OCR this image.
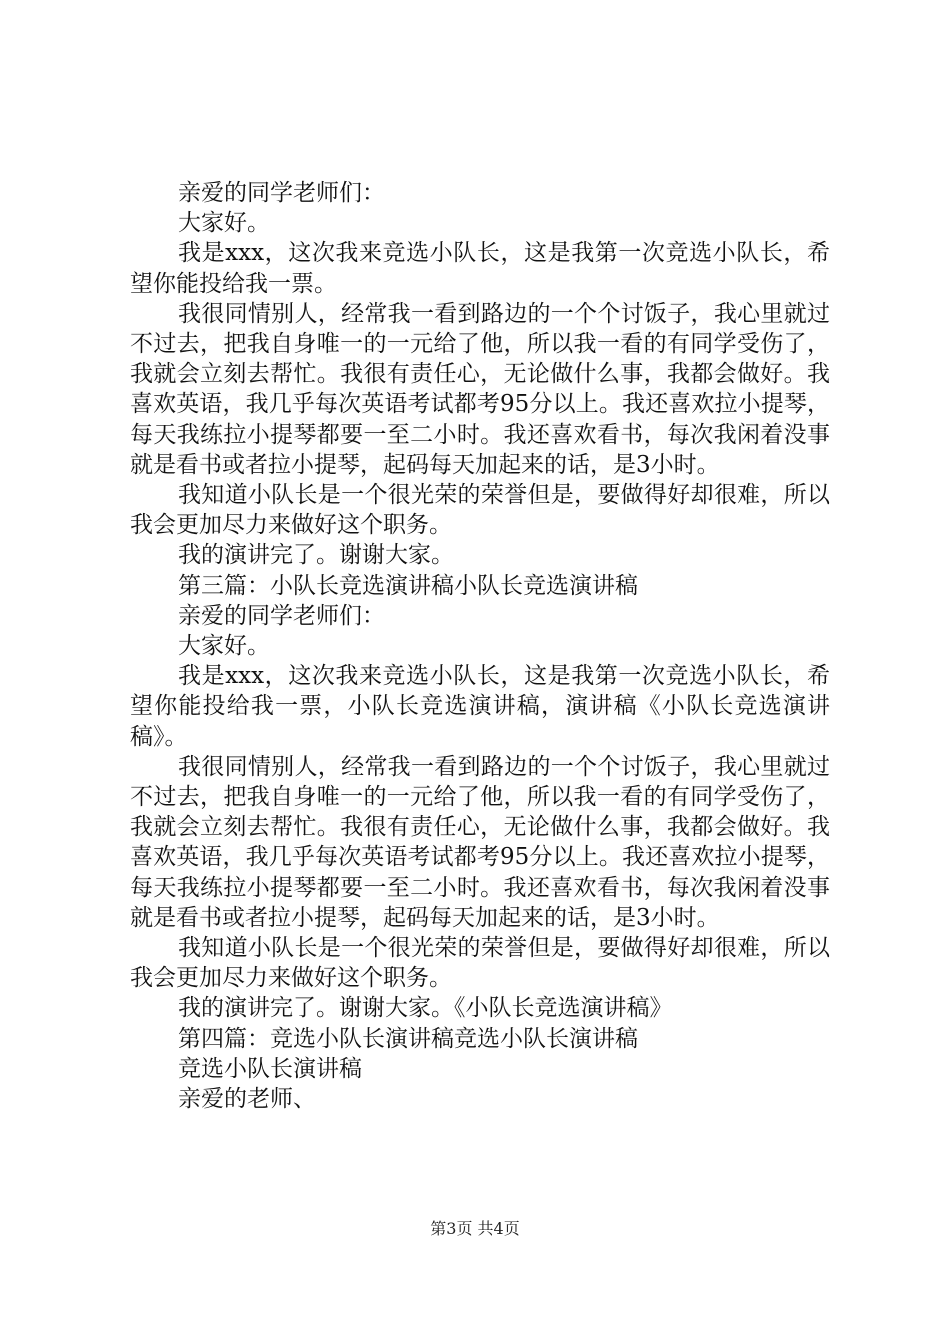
亲爱的同学老师们：

大家好。

我是xxx，这次我来竞选小队长，这是我第一次竞选小队长，希望你能投给我一票。

我很同情别人，经常我一看到路边的一个个讨饭子，我心里就过不过去，把我自身唯一的一元给了他，所以我一看的有同学受伤了，我就会立刻去帮忙。我很有责任心，无论做什么事，我都会做好。我喜欢英语，我几乎每次英语考试都考95分以上。我还喜欢拉小提琴，每天我练拉小提琴都要一至二小时。我还喜欢看书，每次我闲着没事就是看书或者拉小提琴，起码每天加起来的话，是3小时。

我知道小队长是一个很光荣的荣誉但是，要做得好却很难，所以我会更加尽力来做好这个职务。

我的演讲完了。谢谢大家。

第三篇：小队长竞选演讲稿小队长竞选演讲稿

亲爱的同学老师们：

大家好。

我是xxx，这次我来竞选小队长，这是我第一次竞选小队长，希望你能投给我一票，小队长竞选演讲稿，演讲稿《小队长竞选演讲稿》。

我很同情别人，经常我一看到路边的一个个讨饭子，我心里就过不过去，把我自身唯一的一元给了他，所以我一看的有同学受伤了，我就会立刻去帮忙。我很有责任心，无论做什么事，我都会做好。我喜欢英语，我几乎每次英语考试都考95分以上。我还喜欢拉小提琴，每天我练拉小提琴都要一至二小时。我还喜欢看书，每次我闲着没事就是看书或者拉小提琴，起码每天加起来的话，是3小时。

我知道小队长是一个很光荣的荣誉但是，要做得好却很难，所以我会更加尽力来做好这个职务。

我的演讲完了。谢谢大家。《小队长竞选演讲稿》

第四篇：竞选小队长演讲稿竞选小队长演讲稿

竞选小队长演讲稿

亲爱的老师、

第3页 共4页
